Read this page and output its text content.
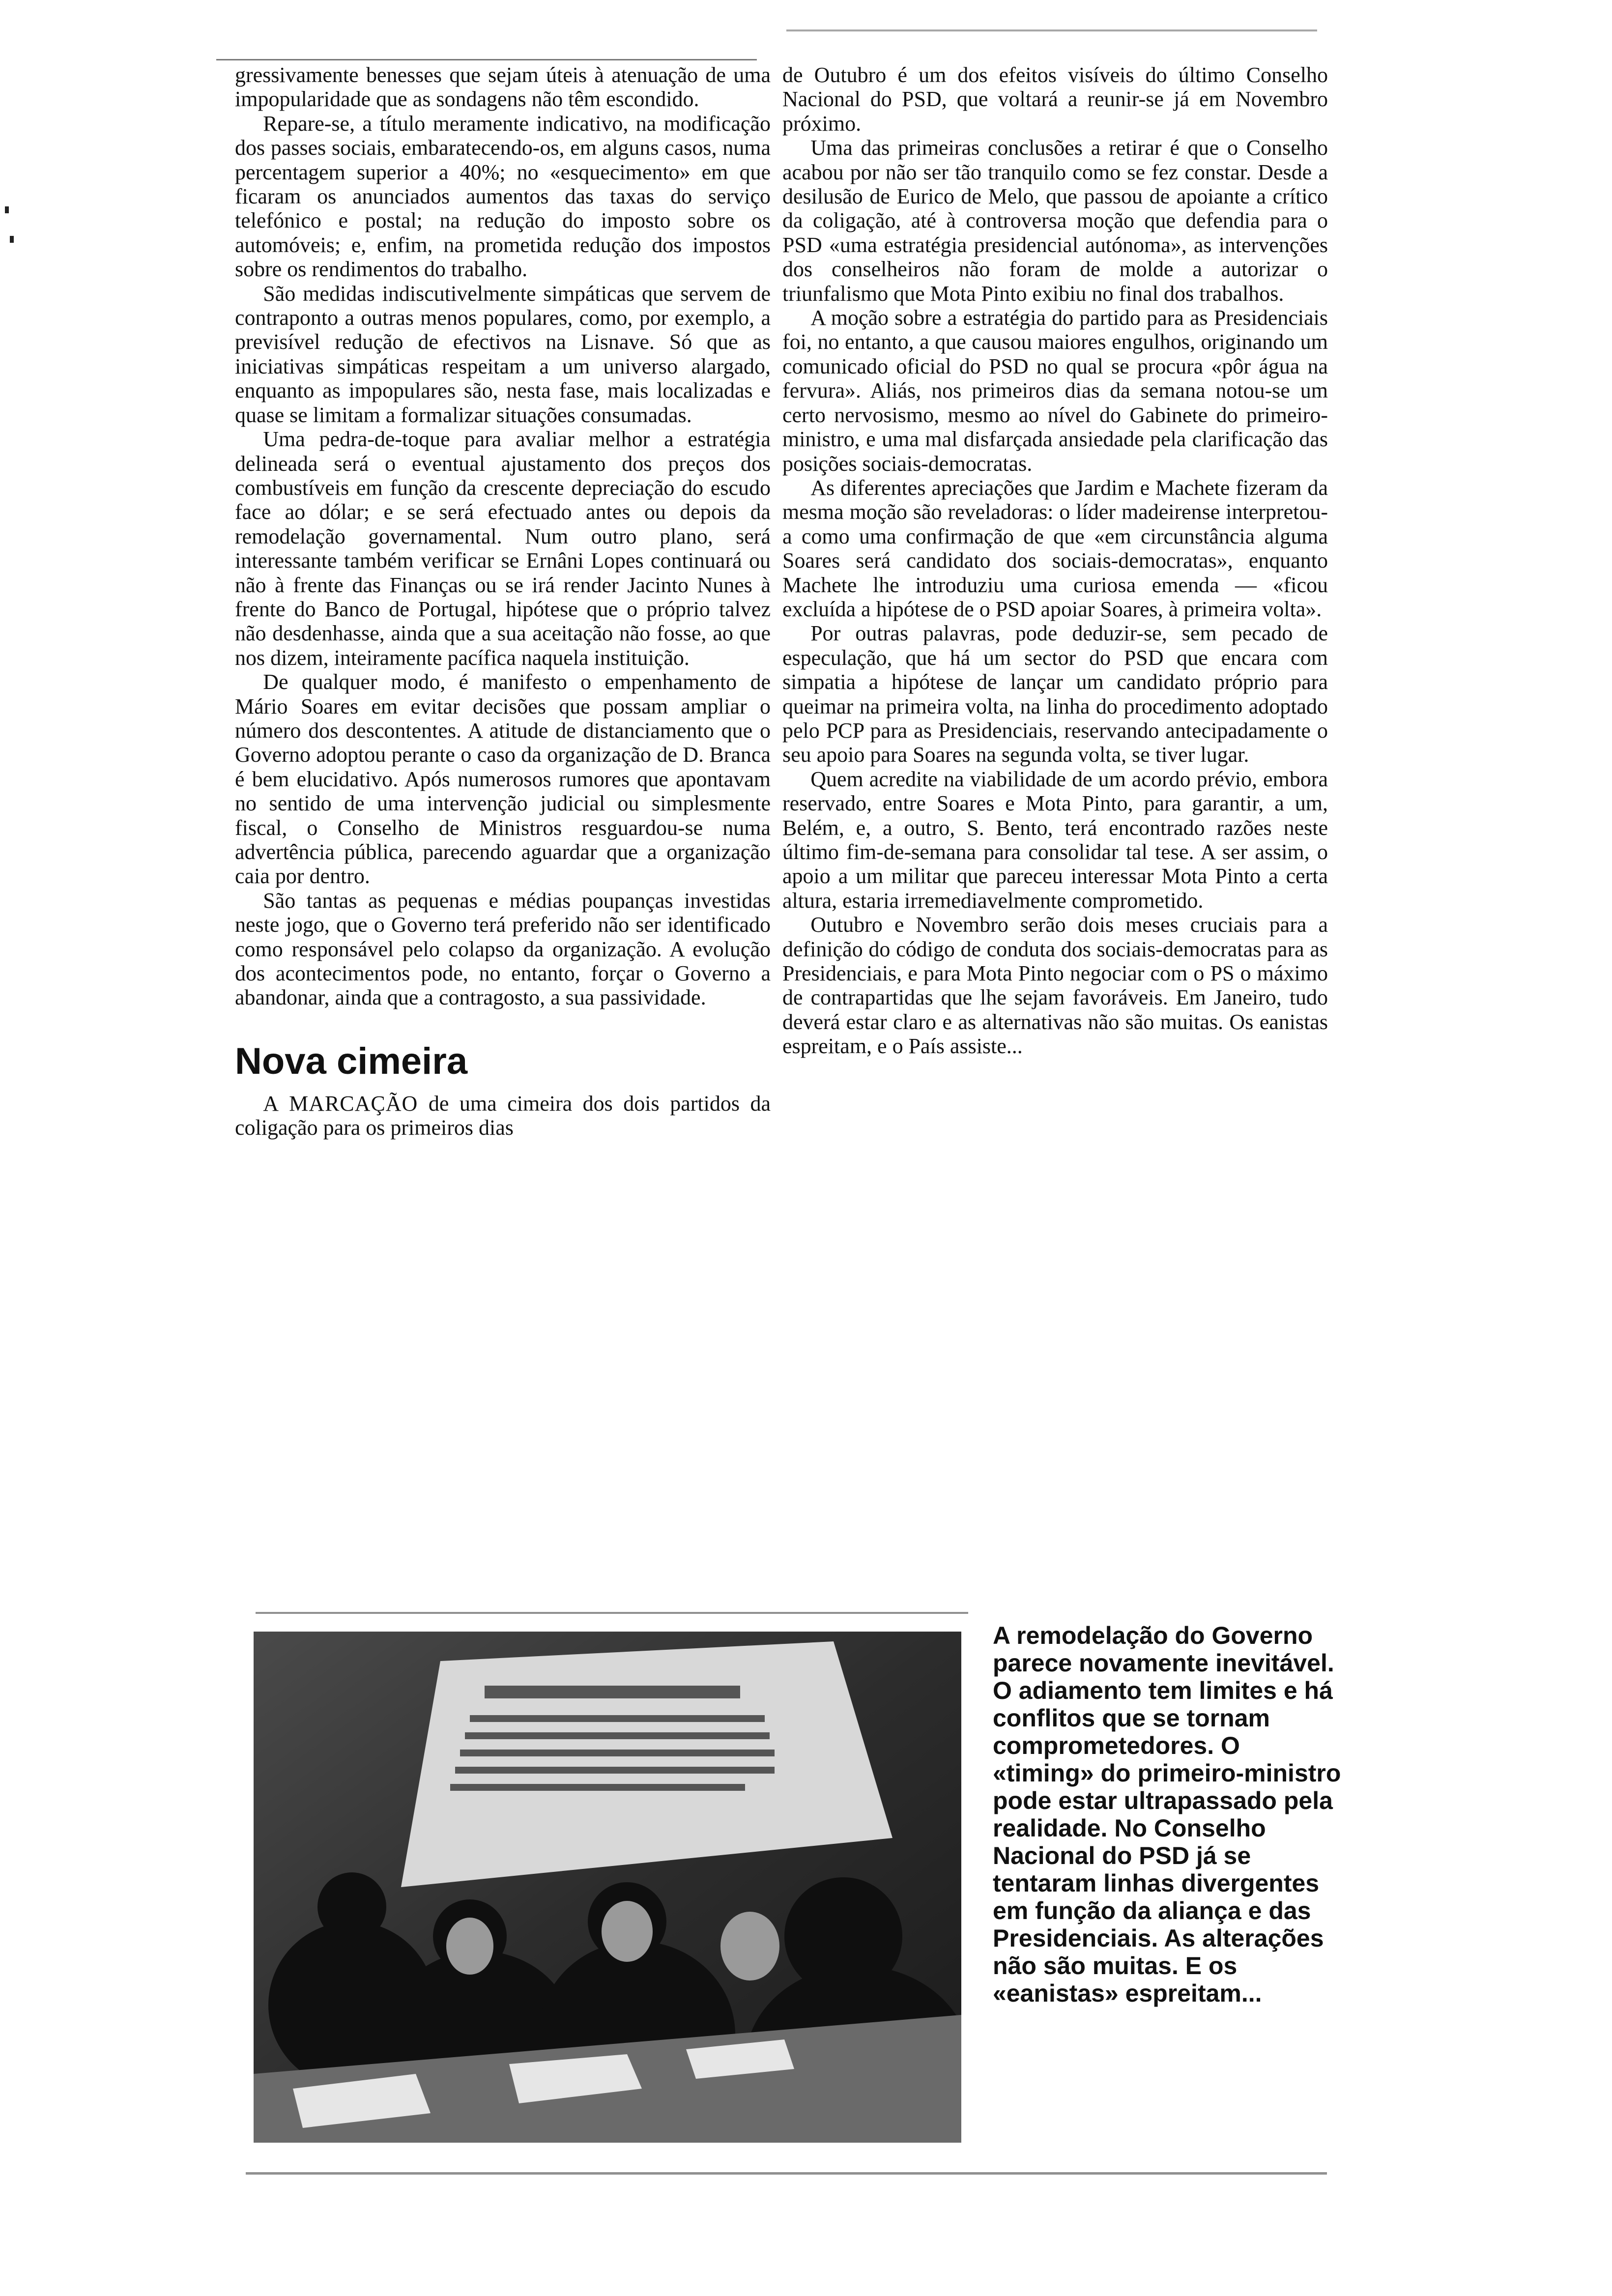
gressivamente benesses que sejam úteis à atenuação de uma impopularidade que as sondagens não têm escondido.

Repare-se, a título meramente indicativo, na modificação dos passes sociais, embaratecendo-os, em alguns casos, numa percentagem superior a 40%; no «esquecimento» em que ficaram os anunciados aumentos das taxas do serviço telefónico e postal; na redução do imposto sobre os automóveis; e, enfim, na prometida redução dos impostos sobre os rendimentos do trabalho.

São medidas indiscutivelmente simpáticas que servem de contraponto a outras menos populares, como, por exemplo, a previsível redução de efectivos na Lisnave. Só que as iniciativas simpáticas respeitam a um universo alargado, enquanto as impopulares são, nesta fase, mais localizadas e quase se limitam a formalizar situações consumadas.

Uma pedra-de-toque para avaliar melhor a estratégia delineada será o eventual ajustamento dos preços dos combustíveis em função da crescente depreciação do escudo face ao dólar; e se será efectuado antes ou depois da remodelação governamental. Num outro plano, será interessante também verificar se Ernâni Lopes continuará ou não à frente das Finanças ou se irá render Jacinto Nunes à frente do Banco de Portugal, hipótese que o próprio talvez não desdenhasse, ainda que a sua aceitação não fosse, ao que nos dizem, inteiramente pacífica naquela instituição.

De qualquer modo, é manifesto o empenhamento de Mário Soares em evitar decisões que possam ampliar o número dos descontentes. A atitude de distanciamento que o Governo adoptou perante o caso da organização de D. Branca é bem elucidativo. Após numerosos rumores que apontavam no sentido de uma intervenção judicial ou simplesmente fiscal, o Conselho de Ministros resguardou-se numa advertência pública, parecendo aguardar que a organização caia por dentro.

São tantas as pequenas e médias poupanças investidas neste jogo, que o Governo terá preferido não ser identificado como responsável pelo colapso da organização. A evolução dos acontecimentos pode, no entanto, forçar o Governo a abandonar, ainda que a contragosto, a sua passividade.

Nova cimeira

A MARCAÇÃO de uma cimeira dos dois partidos da coligação para os primeiros dias

de Outubro é um dos efeitos visíveis do último Conselho Nacional do PSD, que voltará a reunir-se já em Novembro próximo.

Uma das primeiras conclusões a retirar é que o Conselho acabou por não ser tão tranquilo como se fez constar. Desde a desilusão de Eurico de Melo, que passou de apoiante a crítico da coligação, até à controversa moção que defendia para o PSD «uma estratégia presidencial autónoma», as intervenções dos conselheiros não foram de molde a autorizar o triunfalismo que Mota Pinto exibiu no final dos trabalhos.

A moção sobre a estratégia do partido para as Presidenciais foi, no entanto, a que causou maiores engulhos, originando um comunicado oficial do PSD no qual se procura «pôr água na fervura». Aliás, nos primeiros dias da semana notou-se um certo nervosismo, mesmo ao nível do Gabinete do primeiro-ministro, e uma mal disfarçada ansiedade pela clarificação das posições sociais-democratas.

As diferentes apreciações que Jardim e Machete fizeram da mesma moção são reveladoras: o líder madeirense interpretou-a como uma confirmação de que «em circunstância alguma Soares será candidato dos sociais-democratas», enquanto Machete lhe introduziu uma curiosa emenda — «ficou excluída a hipótese de o PSD apoiar Soares, à primeira volta».

Por outras palavras, pode deduzir-se, sem pecado de especulação, que há um sector do PSD que encara com simpatia a hipótese de lançar um candidato próprio para queimar na primeira volta, na linha do procedimento adoptado pelo PCP para as Presidenciais, reservando antecipadamente o seu apoio para Soares na segunda volta, se tiver lugar.

Quem acredite na viabilidade de um acordo prévio, embora reservado, entre Soares e Mota Pinto, para garantir, a um, Belém, e, a outro, S. Bento, terá encontrado razões neste último fim-de-semana para consolidar tal tese. A ser assim, o apoio a um militar que pareceu interessar Mota Pinto a certa altura, estaria irremediavelmente comprometido.

Outubro e Novembro serão dois meses cruciais para a definição do código de conduta dos sociais-democratas para as Presidenciais, e para Mota Pinto negociar com o PS o máximo de contrapartidas que lhe sejam favoráveis. Em Janeiro, tudo deverá estar claro e as alternativas não são muitas. Os eanistas espreitam, e o País assiste...

A remodelação do Governo parece novamente inevitável. O adiamento tem limites e há conflitos que se tornam comprometedores. O «timing» do primeiro-ministro pode estar ultrapassado pela realidade. No Conselho Nacional do PSD já se tentaram linhas divergentes em função da aliança e das Presidenciais. As alterações não são muitas. E os «eanistas» espreitam...
